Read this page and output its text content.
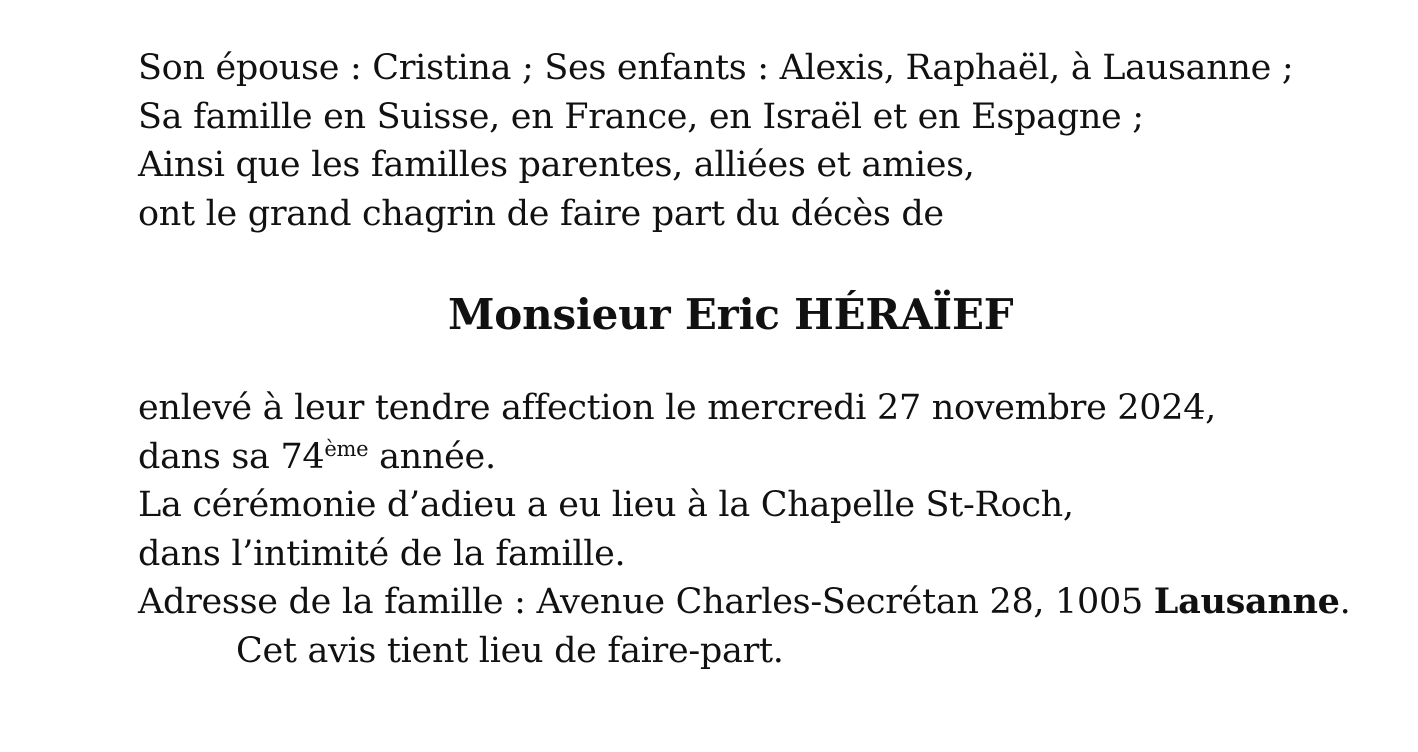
Son épouse : Cristina ; Ses enfants : Alexis, Raphaël, à Lausanne ;
Sa famille en Suisse, en France, en Israël et en Espagne ;
Ainsi que les familles parentes, alliées et amies,
ont le grand chagrin de faire part du décès de
Monsieur Eric HÉRAÏEF
enlevé à leur tendre affection le mercredi 27 novembre 2024,
dans sa 74ème année.
La cérémonie d’adieu a eu lieu à la Chapelle St-Roch,
dans l’intimité de la famille.
Adresse de la famille : Avenue Charles-Secrétan 28, 1005 Lausanne.
Cet avis tient lieu de faire-part.
